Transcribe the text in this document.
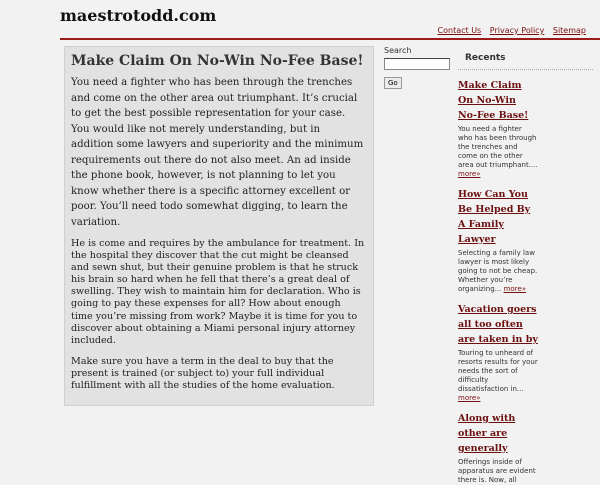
maestrotodd.com
Contact Us Privacy Policy Sitemap
Make Claim On No-Win No-Fee Base!

You need a fighter who has been through the trenches and come on the other area out triumphant. It’s crucial to get the best possible representation for your case. You would like not merely understanding, but in addition some lawyers and superiority and the minimum requirements out there do not also meet. An ad inside the phone book, however, is not planning to let you know whether there is a specific attorney excellent or poor. You’ll need todo somewhat digging, to learn the variation.

He is come and requires by the ambulance for treatment. In the hospital they discover that the cut might be cleansed and sewn shut, but their genuine problem is that he struck his brain so hard when he fell that there’s a great deal of swelling. They wish to maintain him for declaration. Who is going to pay these expenses for all? How about enough time you’re missing from work? Maybe it is time for you to discover about obtaining a Miami personal injury attorney included.

Make sure you have a term in the deal to buy that the present is trained (or subject to) your full individual fulfillment with all the studies of the home evaluation.

Search
Go
Recents
Make Claim On No-Win No-Fee Base!
You need a fighter who has been through the trenches and come on the other area out triumphant.... more»
How Can You Be Helped By A Family Lawyer
Selecting a family law lawyer is most likely going to not be cheap. Whether you’re organizing... more»
Vacation goers all too often are taken in by
Touring to unheard of resorts results for your needs the sort of difficulty dissatisfaction in... more»
Along with other are generally
Offerings inside of apparatus are evident there is. Now, all
